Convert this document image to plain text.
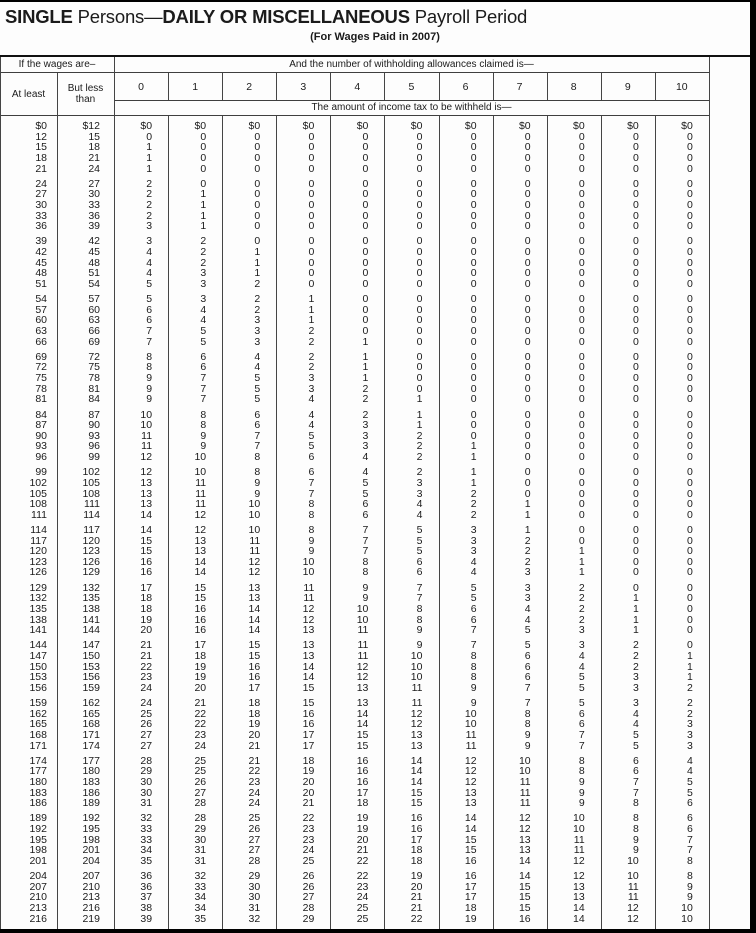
SINGLE Persons—DAILY OR MISCELLANEOUS Payroll Period
(For Wages Paid in 2007)
If the wages are–	And the number of withholding allowances claimed is—
At least	But less than
0	1	2	3	4	5	6	7	8	9	10
The amount of income tax to be withheld is—
$0	$12	$0	$0	$0	$0	$0	$0	$0	$0	$0	$0	$0
12	15	0	0	0	0	0	0	0	0	0	0	0
15	18	1	0	0	0	0	0	0	0	0	0	0
18	21	1	0	0	0	0	0	0	0	0	0	0
21	24	1	0	0	0	0	0	0	0	0	0	0
24	27	2	0	0	0	0	0	0	0	0	0	0
27	30	2	1	0	0	0	0	0	0	0	0	0
30	33	2	1	0	0	0	0	0	0	0	0	0
33	36	2	1	0	0	0	0	0	0	0	0	0
36	39	3	1	0	0	0	0	0	0	0	0	0
39	42	3	2	0	0	0	0	0	0	0	0	0
42	45	4	2	1	0	0	0	0	0	0	0	0
45	48	4	2	1	0	0	0	0	0	0	0	0
48	51	4	3	1	0	0	0	0	0	0	0	0
51	54	5	3	2	0	0	0	0	0	0	0	0
54	57	5	3	2	1	0	0	0	0	0	0	0
57	60	6	4	2	1	0	0	0	0	0	0	0
60	63	6	4	3	1	0	0	0	0	0	0	0
63	66	7	5	3	2	0	0	0	0	0	0	0
66	69	7	5	3	2	1	0	0	0	0	0	0
69	72	8	6	4	2	1	0	0	0	0	0	0
72	75	8	6	4	2	1	0	0	0	0	0	0
75	78	9	7	5	3	1	0	0	0	0	0	0
78	81	9	7	5	3	2	0	0	0	0	0	0
81	84	9	7	5	4	2	1	0	0	0	0	0
84	87	10	8	6	4	2	1	0	0	0	0	0
87	90	10	8	6	4	3	1	0	0	0	0	0
90	93	11	9	7	5	3	2	0	0	0	0	0
93	96	11	9	7	5	3	2	1	0	0	0	0
96	99	12	10	8	6	4	2	1	0	0	0	0
99	102	12	10	8	6	4	2	1	0	0	0	0
102	105	13	11	9	7	5	3	1	0	0	0	0
105	108	13	11	9	7	5	3	2	0	0	0	0
108	111	13	11	10	8	6	4	2	1	0	0	0
111	114	14	12	10	8	6	4	2	1	0	0	0
114	117	14	12	10	8	7	5	3	1	0	0	0
117	120	15	13	11	9	7	5	3	2	0	0	0
120	123	15	13	11	9	7	5	3	2	1	0	0
123	126	16	14	12	10	8	6	4	2	1	0	0
126	129	16	14	12	10	8	6	4	3	1	0	0
129	132	17	15	13	11	9	7	5	3	2	0	0
132	135	18	15	13	11	9	7	5	3	2	1	0
135	138	18	16	14	12	10	8	6	4	2	1	0
138	141	19	16	14	12	10	8	6	4	2	1	0
141	144	20	16	14	13	11	9	7	5	3	1	0
144	147	21	17	15	13	11	9	7	5	3	2	0
147	150	21	18	15	13	11	10	8	6	4	2	1
150	153	22	19	16	14	12	10	8	6	4	2	1
153	156	23	19	16	14	12	10	8	6	5	3	1
156	159	24	20	17	15	13	11	9	7	5	3	2
159	162	24	21	18	15	13	11	9	7	5	3	2
162	165	25	22	18	16	14	12	10	8	6	4	2
165	168	26	22	19	16	14	12	10	8	6	4	3
168	171	27	23	20	17	15	13	11	9	7	5	3
171	174	27	24	21	17	15	13	11	9	7	5	3
174	177	28	25	21	18	16	14	12	10	8	6	4
177	180	29	25	22	19	16	14	12	10	8	6	4
180	183	30	26	23	20	16	14	12	11	9	7	5
183	186	30	27	24	20	17	15	13	11	9	7	5
186	189	31	28	24	21	18	15	13	11	9	8	6
189	192	32	28	25	22	19	16	14	12	10	8	6
192	195	33	29	26	23	19	16	14	12	10	8	6
195	198	33	30	27	23	20	17	15	13	11	9	7
198	201	34	31	27	24	21	18	15	13	11	9	7
201	204	35	31	28	25	22	18	16	14	12	10	8
204	207	36	32	29	26	22	19	16	14	12	10	8
207	210	36	33	30	26	23	20	17	15	13	11	9
210	213	37	34	30	27	24	21	17	15	13	11	9
213	216	38	34	31	28	25	21	18	15	14	12	10
216	219	39	35	32	29	25	22	19	16	14	12	10
